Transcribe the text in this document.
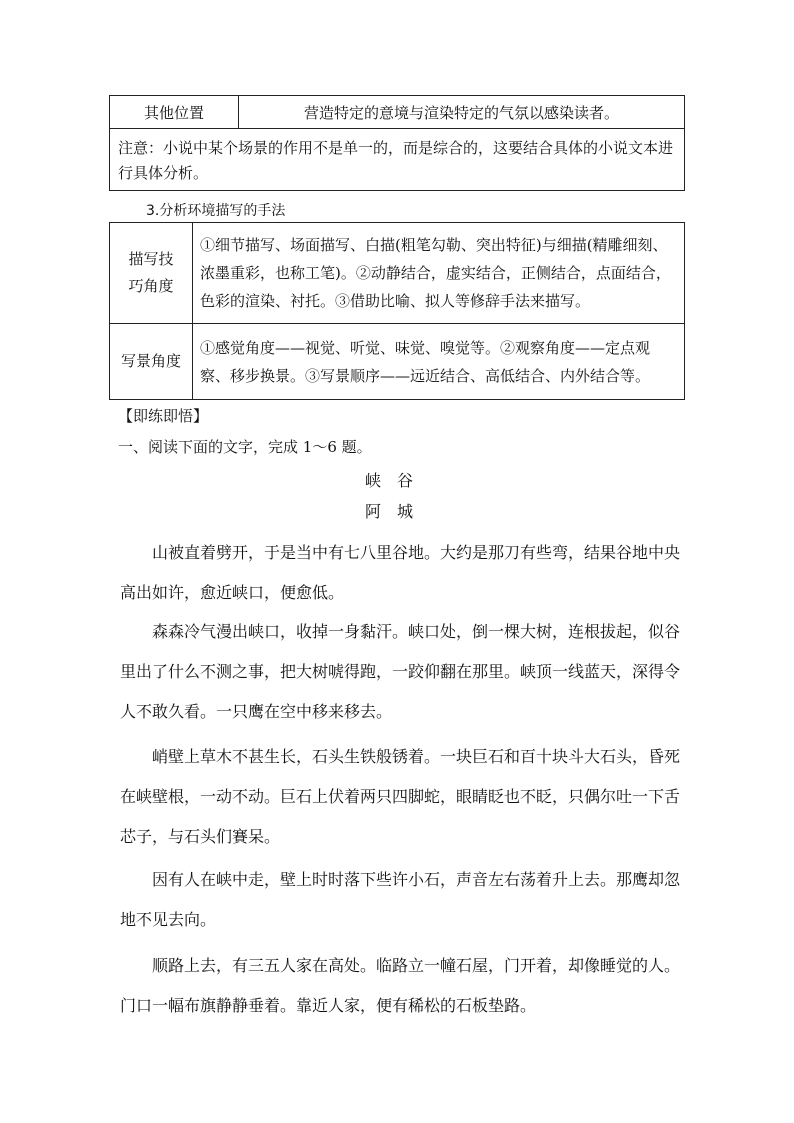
其他位置	营造特定的意境与渲染特定的气氛以感染读者。
注意：小说中某个场景的作用不是单一的，而是综合的，这要结合具体的小说文本进行具体分析。
3.分析环境描写的手法
描写技
巧角度
①细节描写、场面描写、白描(粗笔勾勒、突出特征)与细描(精雕细刻、浓墨重彩，也称工笔)。②动静结合，虚实结合，正侧结合，点面结合，色彩的渲染、衬托。③借助比喻、拟人等修辞手法来描写。
写景角度
①感觉角度——视觉、听觉、味觉、嗅觉等。②观察角度——定点观察、移步换景。③写景顺序——远近结合、高低结合、内外结合等。
【即练即悟】
一、阅读下面的文字，完成 1～6 题。
峡谷
阿城
山被直着劈开，于是当中有七八里谷地。大约是那刀有些弯，结果谷地中央高出如许，愈近峡口，便愈低。
森森冷气漫出峡口，收掉一身黏汗。峡口处，倒一棵大树，连根拔起，似谷里出了什么不测之事，把大树唬得跑，一跤仰翻在那里。峡顶一线蓝天，深得令人不敢久看。一只鹰在空中移来移去。
峭壁上草木不甚生长，石头生铁般锈着。一块巨石和百十块斗大石头，昏死在峡壁根，一动不动。巨石上伏着两只四脚蛇，眼睛眨也不眨，只偶尔吐一下舌芯子，与石头们賽呆。
因有人在峡中走，壁上时时落下些许小石，声音左右荡着升上去。那鹰却忽地不见去向。
顺路上去，有三五人家在高处。临路立一幢石屋，门开着，却像睡觉的人。门口一幅布旗静静垂着。靠近人家，便有稀松的石板垫路。
